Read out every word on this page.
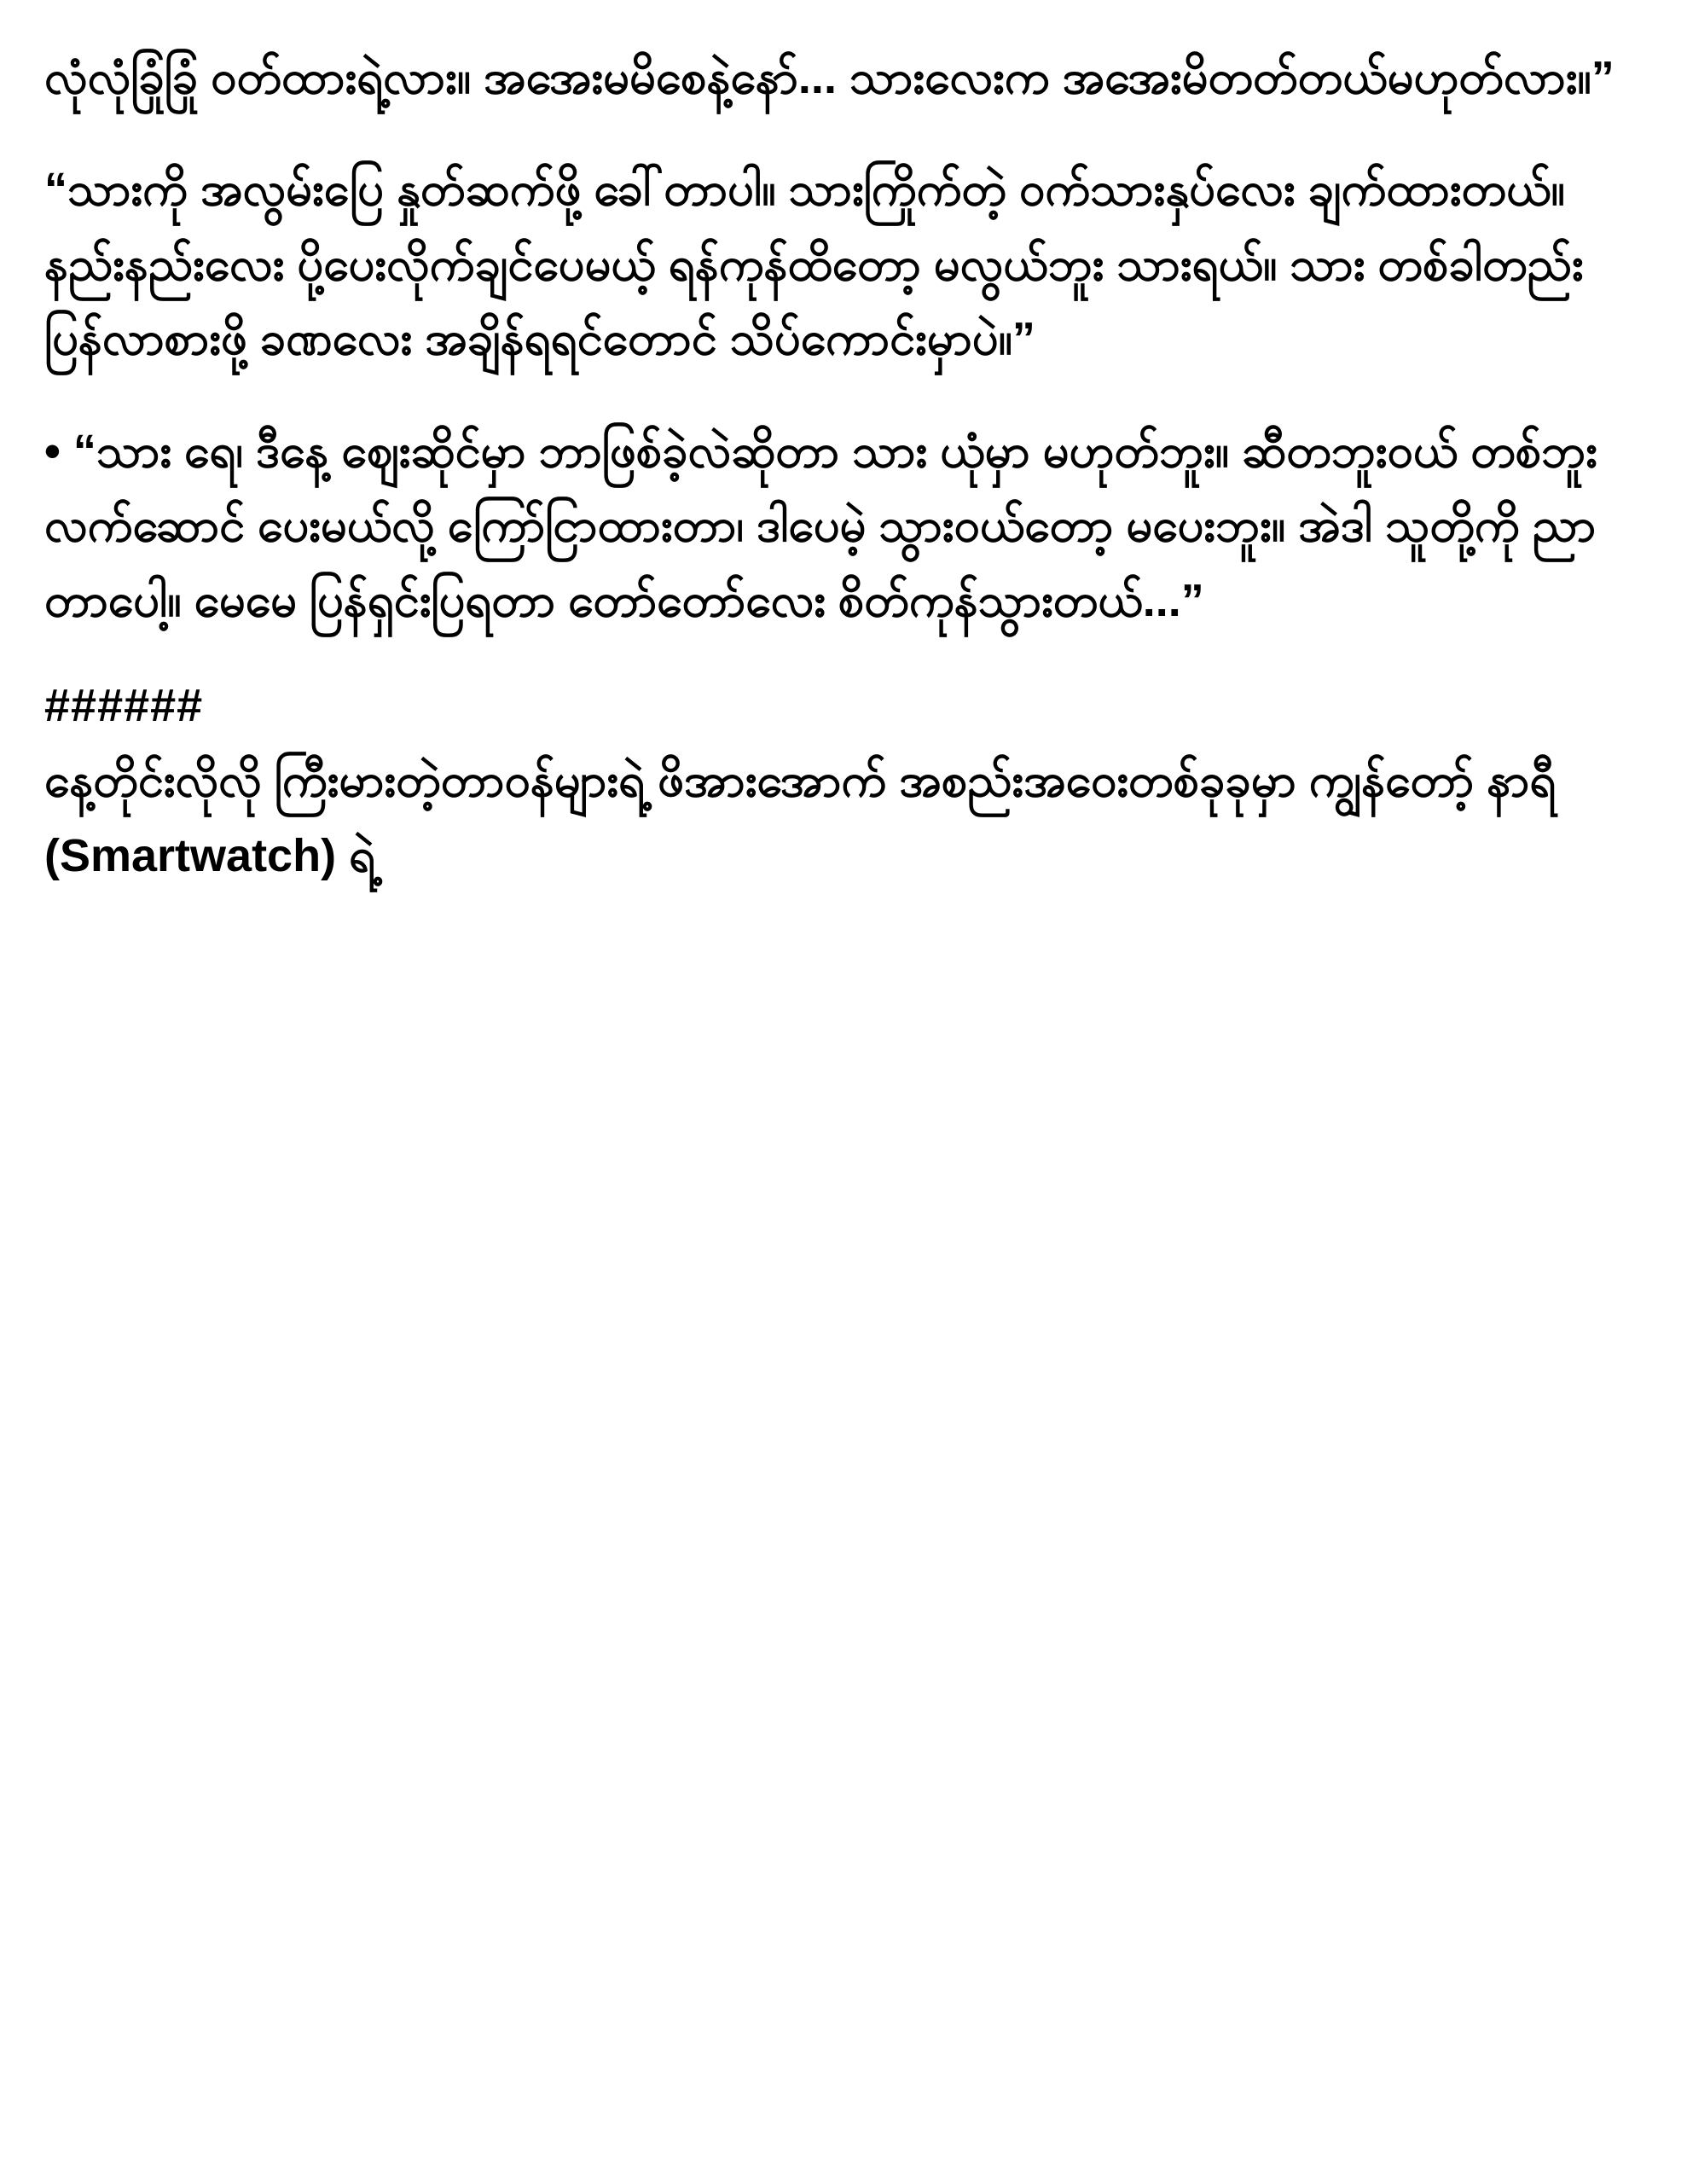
လုံလုံခြုံခြုံ ဝတ်ထားရဲ့လား။ အအေးမမိစေနဲ့နော်... သားလေးက အအေးမိတတ်တယ်မဟုတ်လား။”

“သားကို အလွမ်းပြေ နှုတ်ဆက်ဖို့ ခေါ်တာပါ။ သားကြိုက်တဲ့ ဝက်သားနှပ်လေး ချက်ထားတယ်။ နည်းနည်းလေး ပို့ပေးလိုက်ချင်ပေမယ့် ရန်ကုန်ထိတော့ မလွယ်ဘူး သားရယ်။ သား တစ်ခါတည်း ပြန်လာစားဖို့ ခဏလေး အချိန်ရရင်တောင် သိပ်ကောင်းမှာပဲ။”

• “သား ရေ၊ ဒီနေ့ ဈေးဆိုင်မှာ ဘာဖြစ်ခဲ့လဲဆိုတာ သား ယုံမှာ မဟုတ်ဘူး။ ဆီတဘူးဝယ် တစ်ဘူးလက်ဆောင် ပေးမယ်လို့ ကြော်ငြာထားတာ၊ ဒါပေမဲ့ သွားဝယ်တော့ မပေးဘူး။ အဲဒါ သူတို့ကို ညာတာပေါ့။ မေမေ ပြန်ရှင်းပြရတာ တော်တော်လေး စိတ်ကုန်သွားတယ်...”

######

နေ့တိုင်းလိုလို ကြီးမားတဲ့တာဝန်များရဲ့ ဖိအားအောက် အစည်းအဝေးတစ်ခုခုမှာ ကျွန်တော့် နာရီ (Smartwatch) ရဲ့
